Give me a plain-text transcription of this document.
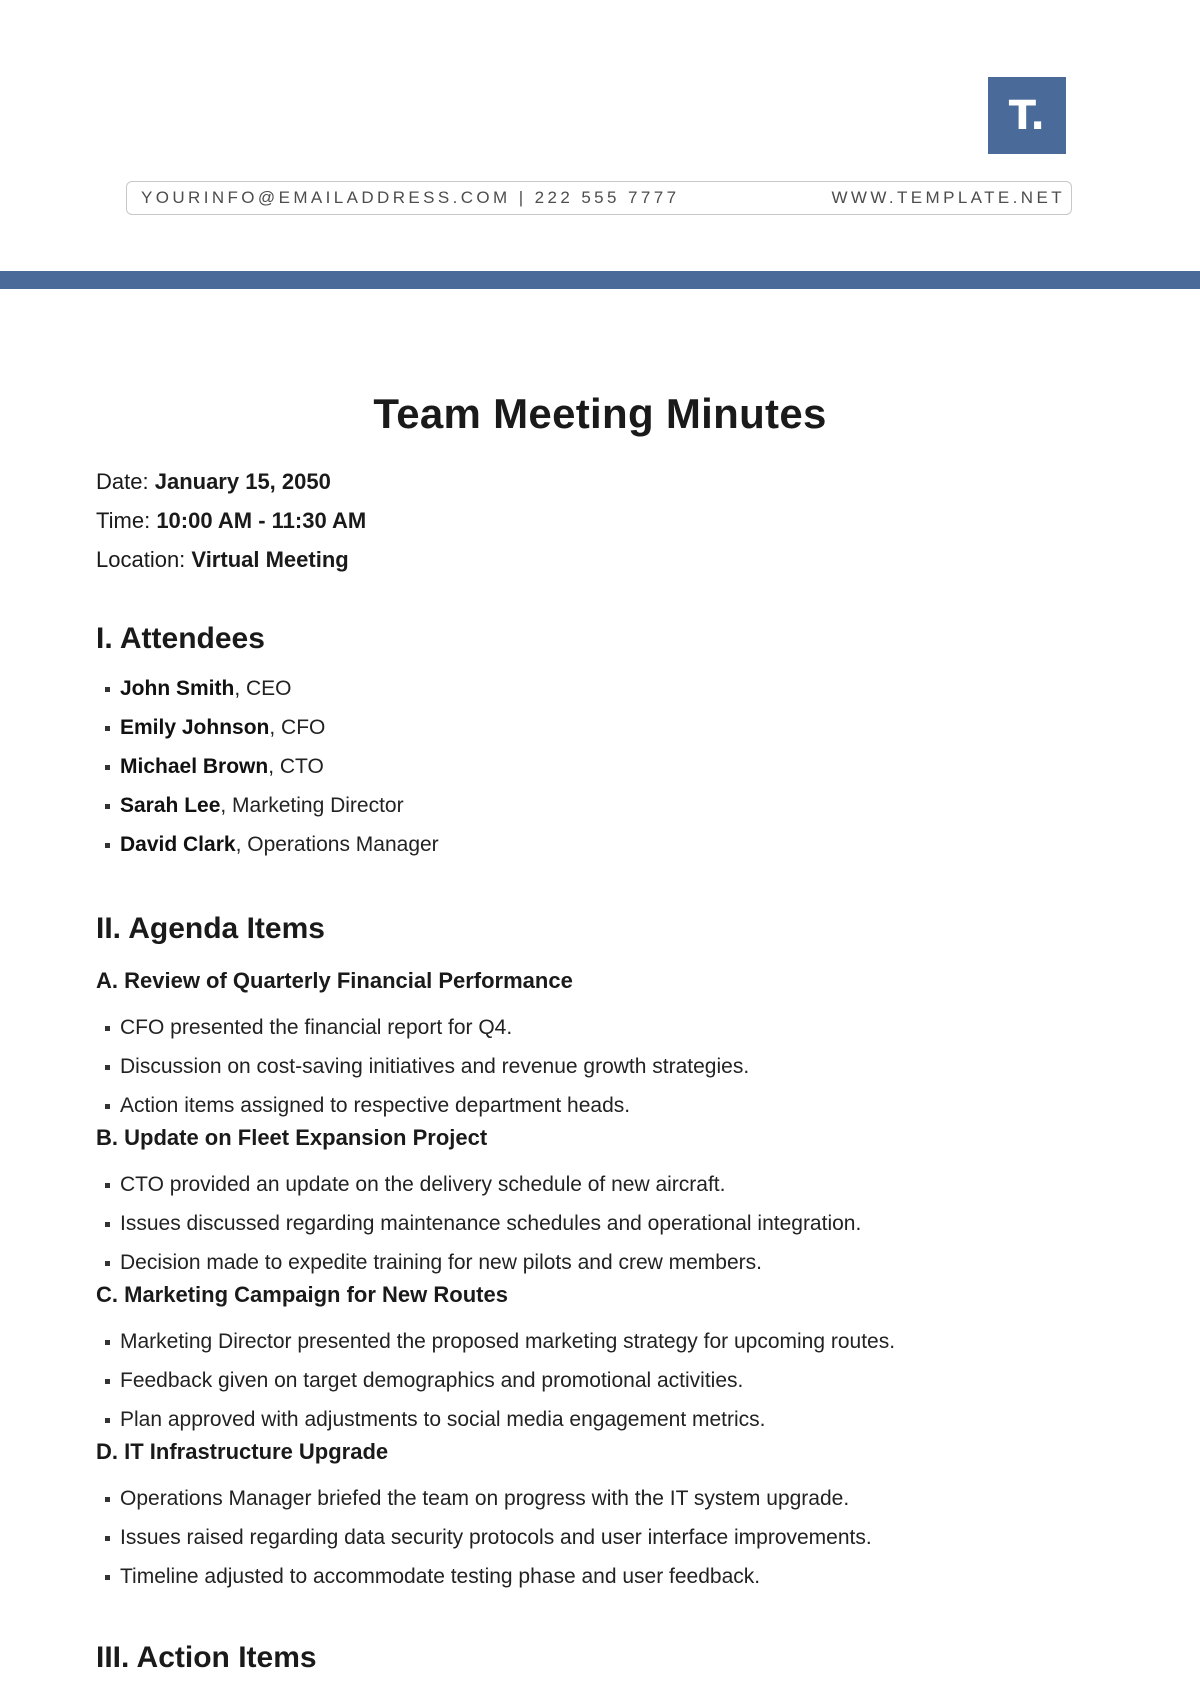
T.
YOURINFO@EMAILADDRESS.COM | 222 555 7777	WWW.TEMPLATE.NET
Team Meeting Minutes
Date: January 15, 2050
Time: 10:00 AM - 11:30 AM
Location: Virtual Meeting
I. Attendees
John Smith, CEO
Emily Johnson, CFO
Michael Brown, CTO
Sarah Lee, Marketing Director
David Clark, Operations Manager
II. Agenda Items
A. Review of Quarterly Financial Performance
CFO presented the financial report for Q4.
Discussion on cost-saving initiatives and revenue growth strategies.
Action items assigned to respective department heads.
B. Update on Fleet Expansion Project
CTO provided an update on the delivery schedule of new aircraft.
Issues discussed regarding maintenance schedules and operational integration.
Decision made to expedite training for new pilots and crew members.
C. Marketing Campaign for New Routes
Marketing Director presented the proposed marketing strategy for upcoming routes.
Feedback given on target demographics and promotional activities.
Plan approved with adjustments to social media engagement metrics.
D. IT Infrastructure Upgrade
Operations Manager briefed the team on progress with the IT system upgrade.
Issues raised regarding data security protocols and user interface improvements.
Timeline adjusted to accommodate testing phase and user feedback.
III. Action Items
